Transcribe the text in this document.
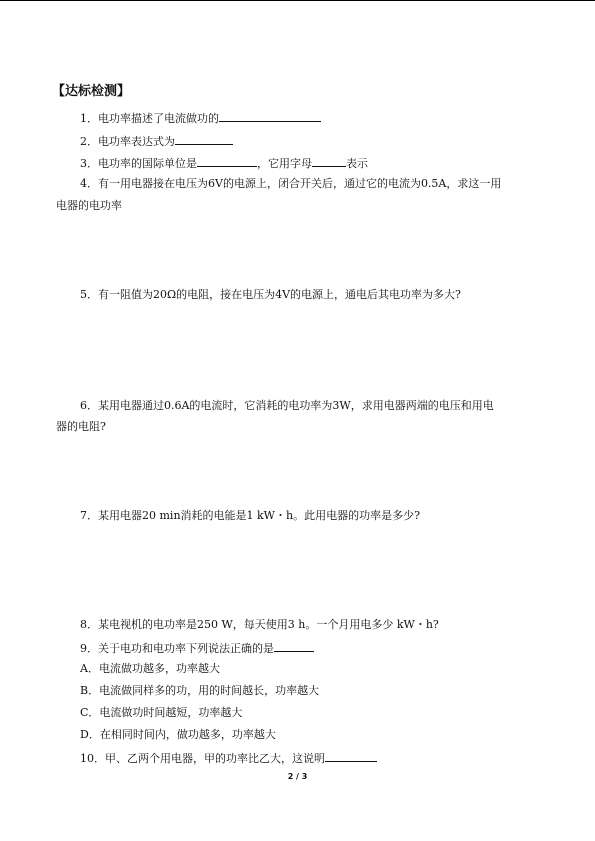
【达标检测】
1．电功率描述了电流做功的
2．电功率表达式为
3．电功率的国际单位是	，它用字母	表示
4．有一用电器接在电压为6V的电源上，闭合开关后，通过它的电流为0.5A，求这一用
电器的电功率
5．有一阻值为20Ω的电阻，接在电压为4V的电源上，通电后其电功率为多大?
6．某用电器通过0.6A的电流时，它消耗的电功率为3W，求用电器两端的电压和用电
器的电阻?
7．某用电器20 min消耗的电能是1 kW・h。此用电器的功率是多少?
8．某电视机的电功率是250 W，每天使用3 h。一个月用电多少 kW・h?
9．关于电功和电功率下列说法正确的是
A．电流做功越多，功率越大
B．电流做同样多的功，用的时间越长，功率越大
C．电流做功时间越短，功率越大
D．在相同时间内，做功越多，功率越大
10．甲、乙两个用电器，甲的功率比乙大，这说明
2 / 3
